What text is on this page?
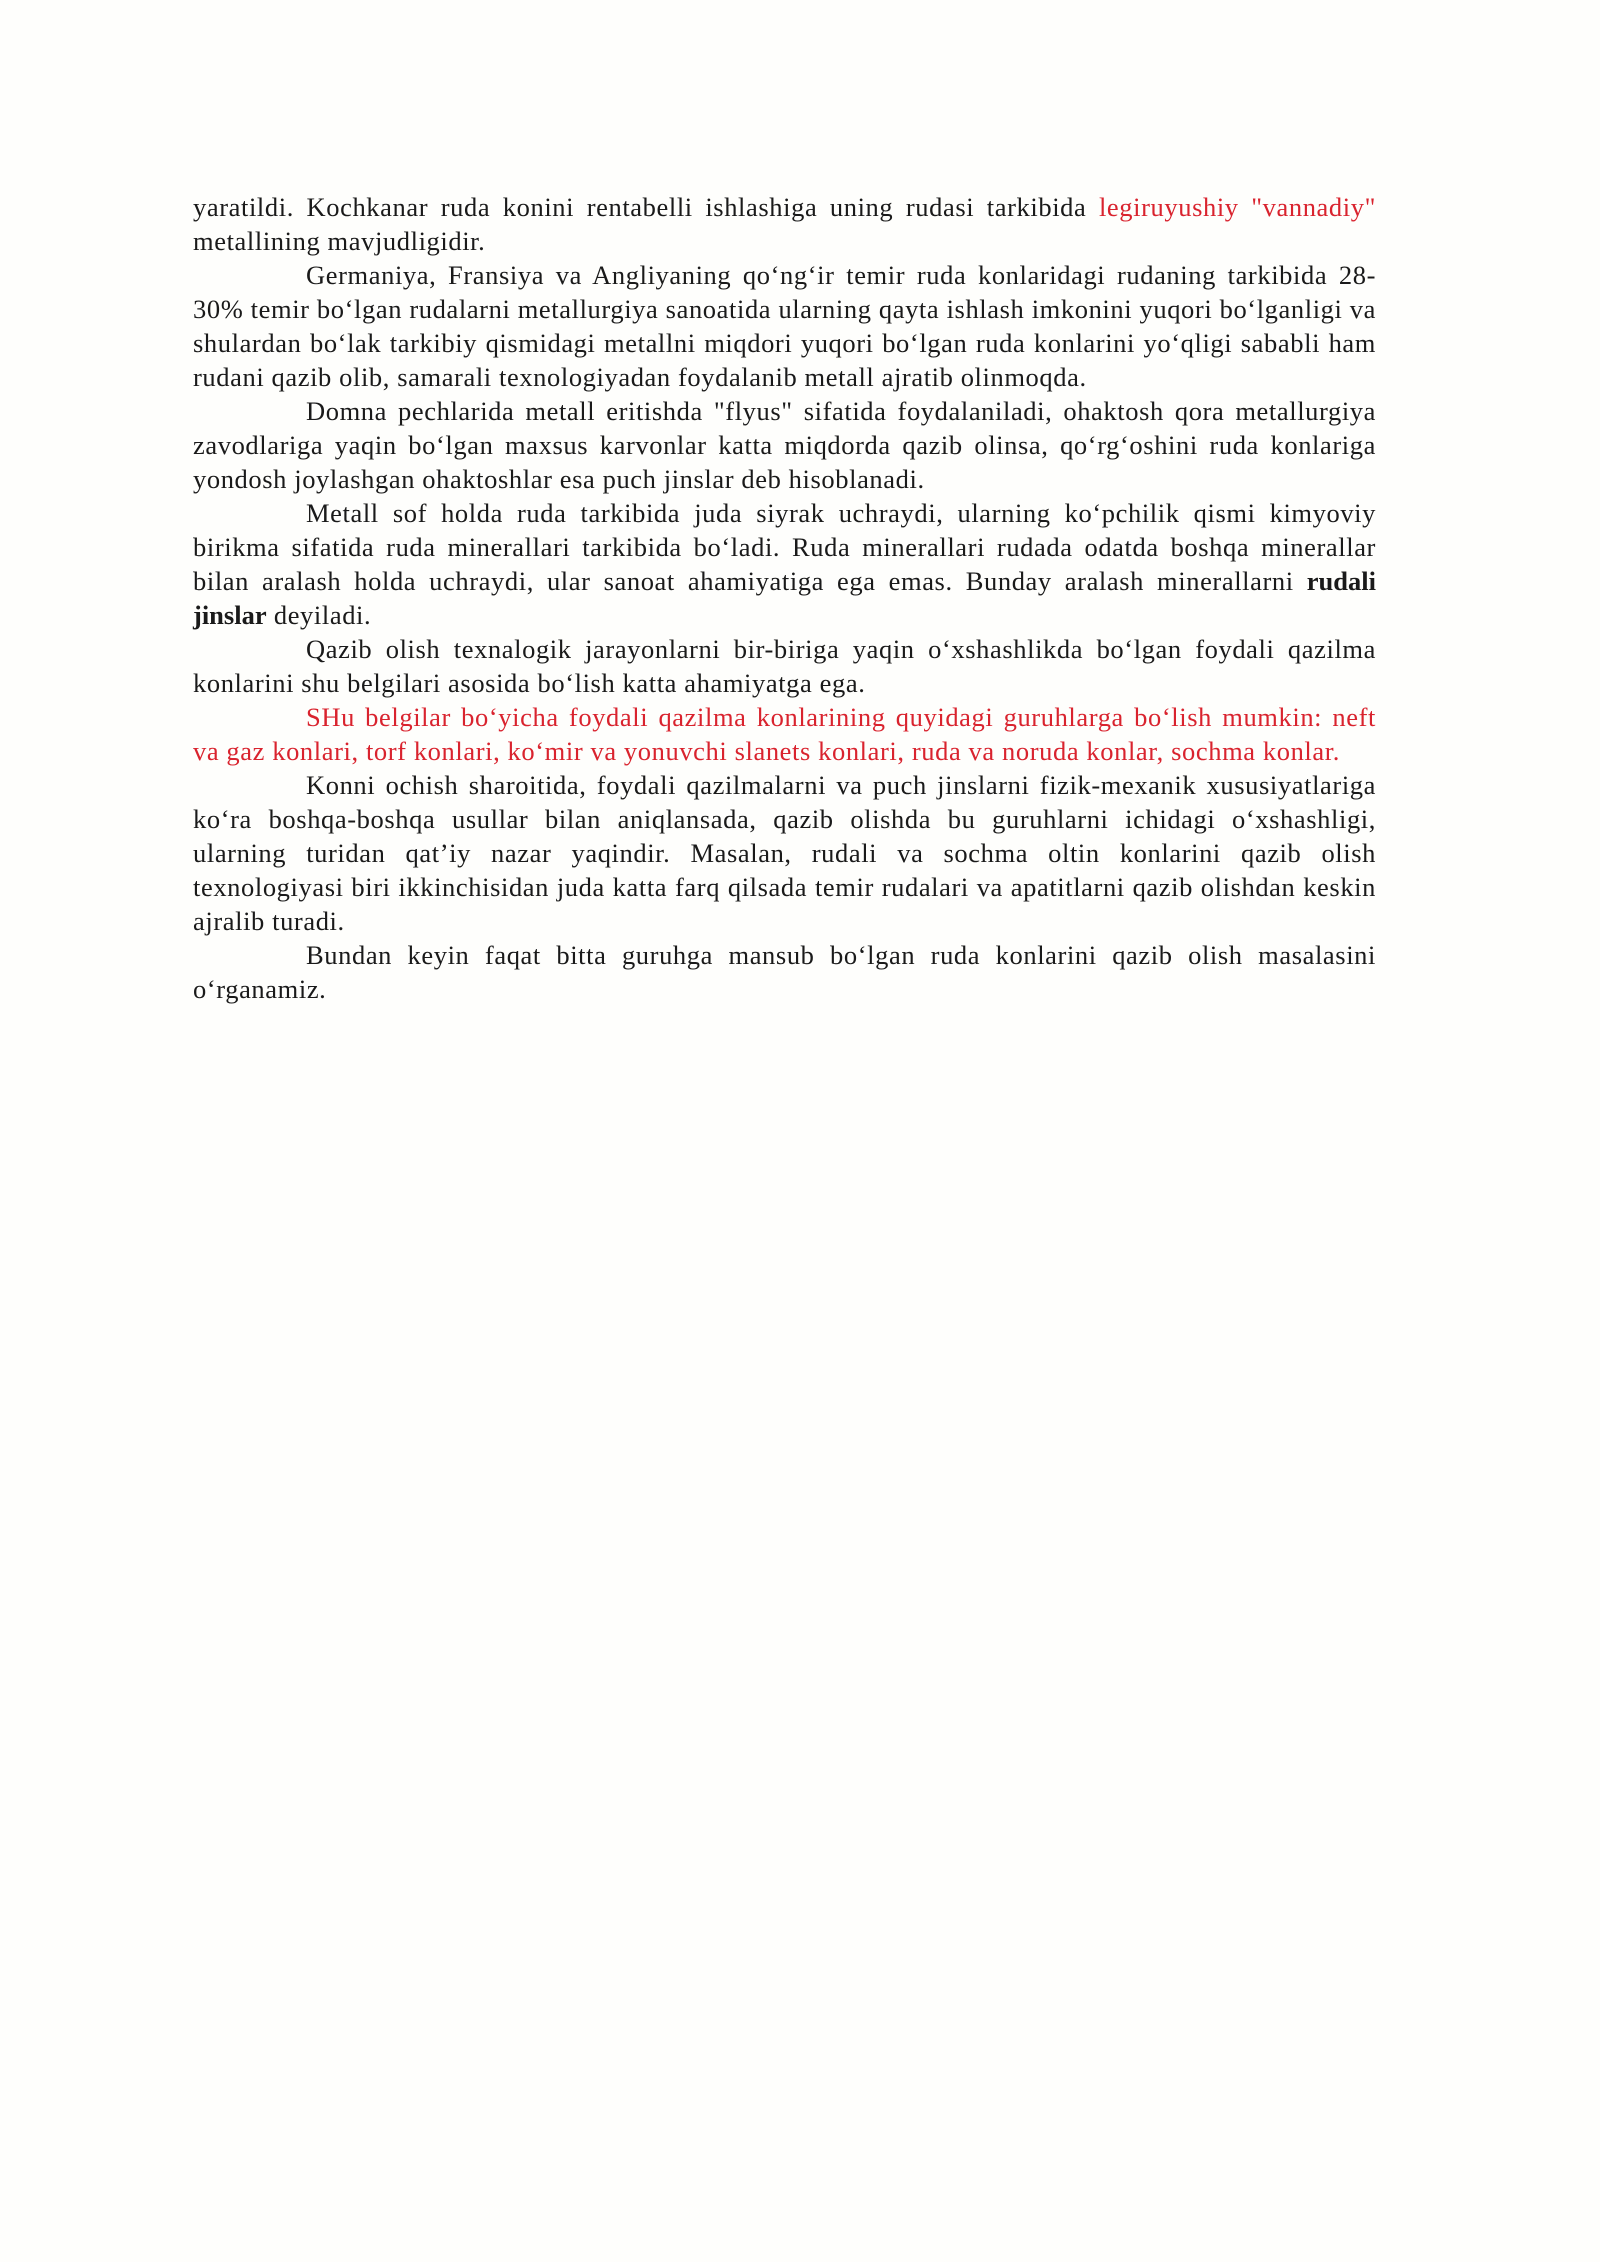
yaratildi. Kochkanar ruda konini rentabelli ishlashiga uning rudasi tarkibida legiruyushiy "vannadiy" metallining mavjudligidir.

Germaniya, Fransiya va Angliyaning qo‘ng‘ir temir ruda konlaridagi rudaning tarkibida 28-30% temir bo‘lgan rudalarni metallurgiya sanoatida ularning qayta ishlash imkonini yuqori bo‘lganligi va shulardan bo‘lak tarkibiy qismidagi metallni miqdori yuqori bo‘lgan ruda konlarini yo‘qligi sababli ham rudani qazib olib, samarali texnologiyadan foydalanib metall ajratib olinmoqda.

Domna pechlarida metall eritishda "flyus" sifatida foydalaniladi, ohaktosh qora metallurgiya zavodlariga yaqin bo‘lgan maxsus karvonlar katta miqdorda qazib olinsa, qo‘rg‘oshini ruda konlariga yondosh joylashgan ohaktoshlar esa puch jinslar deb hisoblanadi.

Metall sof holda ruda tarkibida juda siyrak uchraydi, ularning ko‘pchilik qismi kimyoviy birikma sifatida ruda minerallari tarkibida bo‘ladi. Ruda minerallari rudada odatda boshqa minerallar bilan aralash holda uchraydi, ular sanoat ahamiyatiga ega emas. Bunday aralash minerallarni rudali jinslar deyiladi.

Qazib olish texnalogik jarayonlarni bir-biriga yaqin o‘xshashlikda bo‘lgan foydali qazilma konlarini shu belgilari asosida bo‘lish katta ahamiyatga ega.

SHu belgilar bo‘yicha foydali qazilma konlarining quyidagi guruhlarga bo‘lish mumkin: neft va gaz konlari, torf konlari, ko‘mir va yonuvchi slanets konlari, ruda va noruda konlar, sochma konlar.

Konni ochish sharoitida, foydali qazilmalarni va puch jinslarni fizik-mexanik xususiyatlariga ko‘ra boshqa-boshqa usullar bilan aniqlansada, qazib olishda bu guruhlarni ichidagi o‘xshashligi, ularning turidan qat’iy nazar yaqindir. Masalan, rudali va sochma oltin konlarini qazib olish texnologiyasi biri ikkinchisidan juda katta farq qilsada temir rudalari va apatitlarni qazib olishdan keskin ajralib turadi.

Bundan keyin faqat bitta guruhga mansub bo‘lgan ruda konlarini qazib olish masalasini o‘rganamiz.
